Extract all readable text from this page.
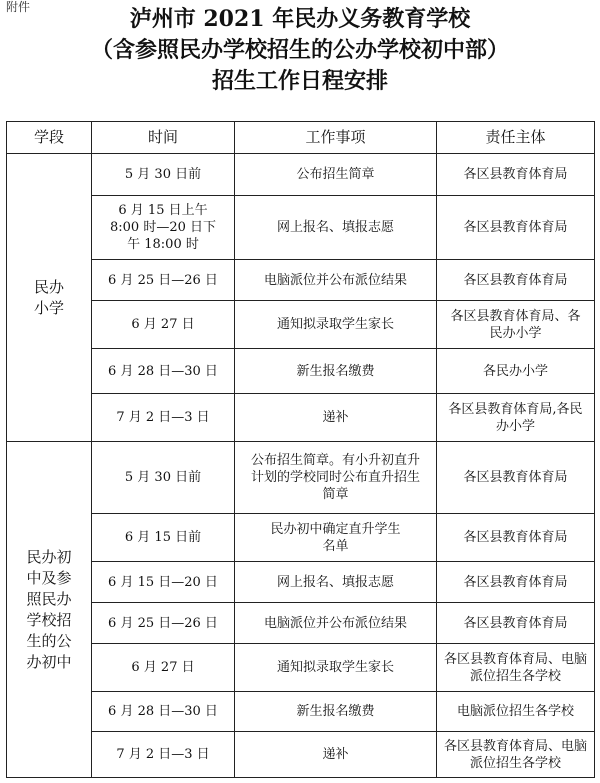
附件	泸州市 2021 年民办义务教育学校
（含参照民办学校招生的公办学校初中部）
招生工作日程安排
学段	时间	工作事项	责任主体
民办小学	5 月 30 日前	公布招生简章	各区县教育体育局
	6 月 15 日上午 8:00 时—20 日下午 18:00 时	网上报名、填报志愿	各区县教育体育局
	6 月 25 日—26 日	电脑派位并公布派位结果	各区县教育体育局
	6 月 27 日	通知拟录取学生家长	各区县教育体育局、各民办小学
	6 月 28 日—30 日	新生报名缴费	各民办小学
	7 月 2 日—3 日	递补	各区县教育体育局,各民办小学
民办初中及参照民办学校招生的公办初中	5 月 30 日前	公布招生简章。有小升初直升计划的学校同时公布直升招生简章	各区县教育体育局
	6 月 15 日前	民办初中确定直升学生名单	各区县教育体育局
	6 月 15 日—20 日	网上报名、填报志愿	各区县教育体育局
	6 月 25 日—26 日	电脑派位并公布派位结果	各区县教育体育局
	6 月 27 日	通知拟录取学生家长	各区县教育体育局、电脑派位招生各学校
	6 月 28 日—30 日	新生报名缴费	电脑派位招生各学校
	7 月 2 日—3 日	递补	各区县教育体育局、电脑派位招生各学校
